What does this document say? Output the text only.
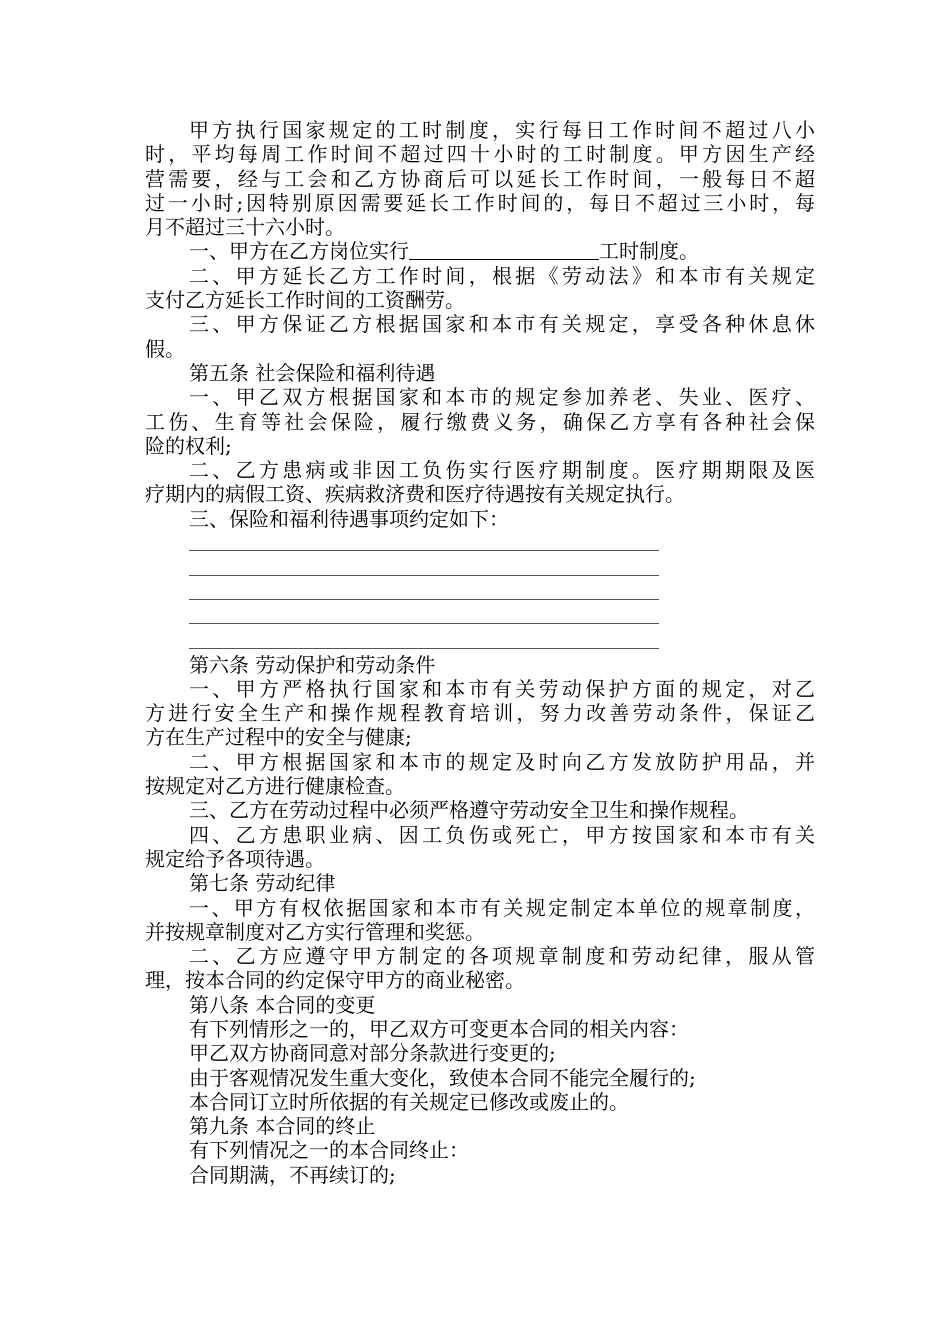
甲方执行国家规定的工时制度，实行每日工作时间不超过八小
时，平均每周工作时间不超过四十小时的工时制度。甲方因生产经
营需要，经与工会和乙方协商后可以延长工作时间，一般每日不超
过一小时;因特别原因需要延长工作时间的，每日不超过三小时，每
月不超过三十六小时。
一、甲方在乙方岗位实行	工时制度。
二、甲方延长乙方工作时间，根据《劳动法》和本市有关规定
支付乙方延长工作时间的工资酬劳。
三、甲方保证乙方根据国家和本市有关规定，享受各种休息休
假。
第五条 社会保险和福利待遇
一、甲乙双方根据国家和本市的规定参加养老、失业、医疗、
工伤、生育等社会保险，履行缴费义务，确保乙方享有各种社会保
险的权利;
二、乙方患病或非因工负伤实行医疗期制度。医疗期期限及医
疗期内的病假工资、疾病救济费和医疗待遇按有关规定执行。
三、保险和福利待遇事项约定如下：
第六条 劳动保护和劳动条件
一、甲方严格执行国家和本市有关劳动保护方面的规定，对乙
方进行安全生产和操作规程教育培训，努力改善劳动条件，保证乙
方在生产过程中的安全与健康;
二、甲方根据国家和本市的规定及时向乙方发放防护用品，并
按规定对乙方进行健康检查。
三、乙方在劳动过程中必须严格遵守劳动安全卫生和操作规程。
四、乙方患职业病、因工负伤或死亡，甲方按国家和本市有关
规定给予各项待遇。
第七条 劳动纪律
一、甲方有权依据国家和本市有关规定制定本单位的规章制度，
并按规章制度对乙方实行管理和奖惩。
二、乙方应遵守甲方制定的各项规章制度和劳动纪律，服从管
理，按本合同的约定保守甲方的商业秘密。
第八条 本合同的变更
有下列情形之一的，甲乙双方可变更本合同的相关内容：
甲乙双方协商同意对部分条款进行变更的;
由于客观情况发生重大变化，致使本合同不能完全履行的;
本合同订立时所依据的有关规定已修改或废止的。
第九条 本合同的终止
有下列情况之一的本合同终止：
合同期满，不再续订的;
